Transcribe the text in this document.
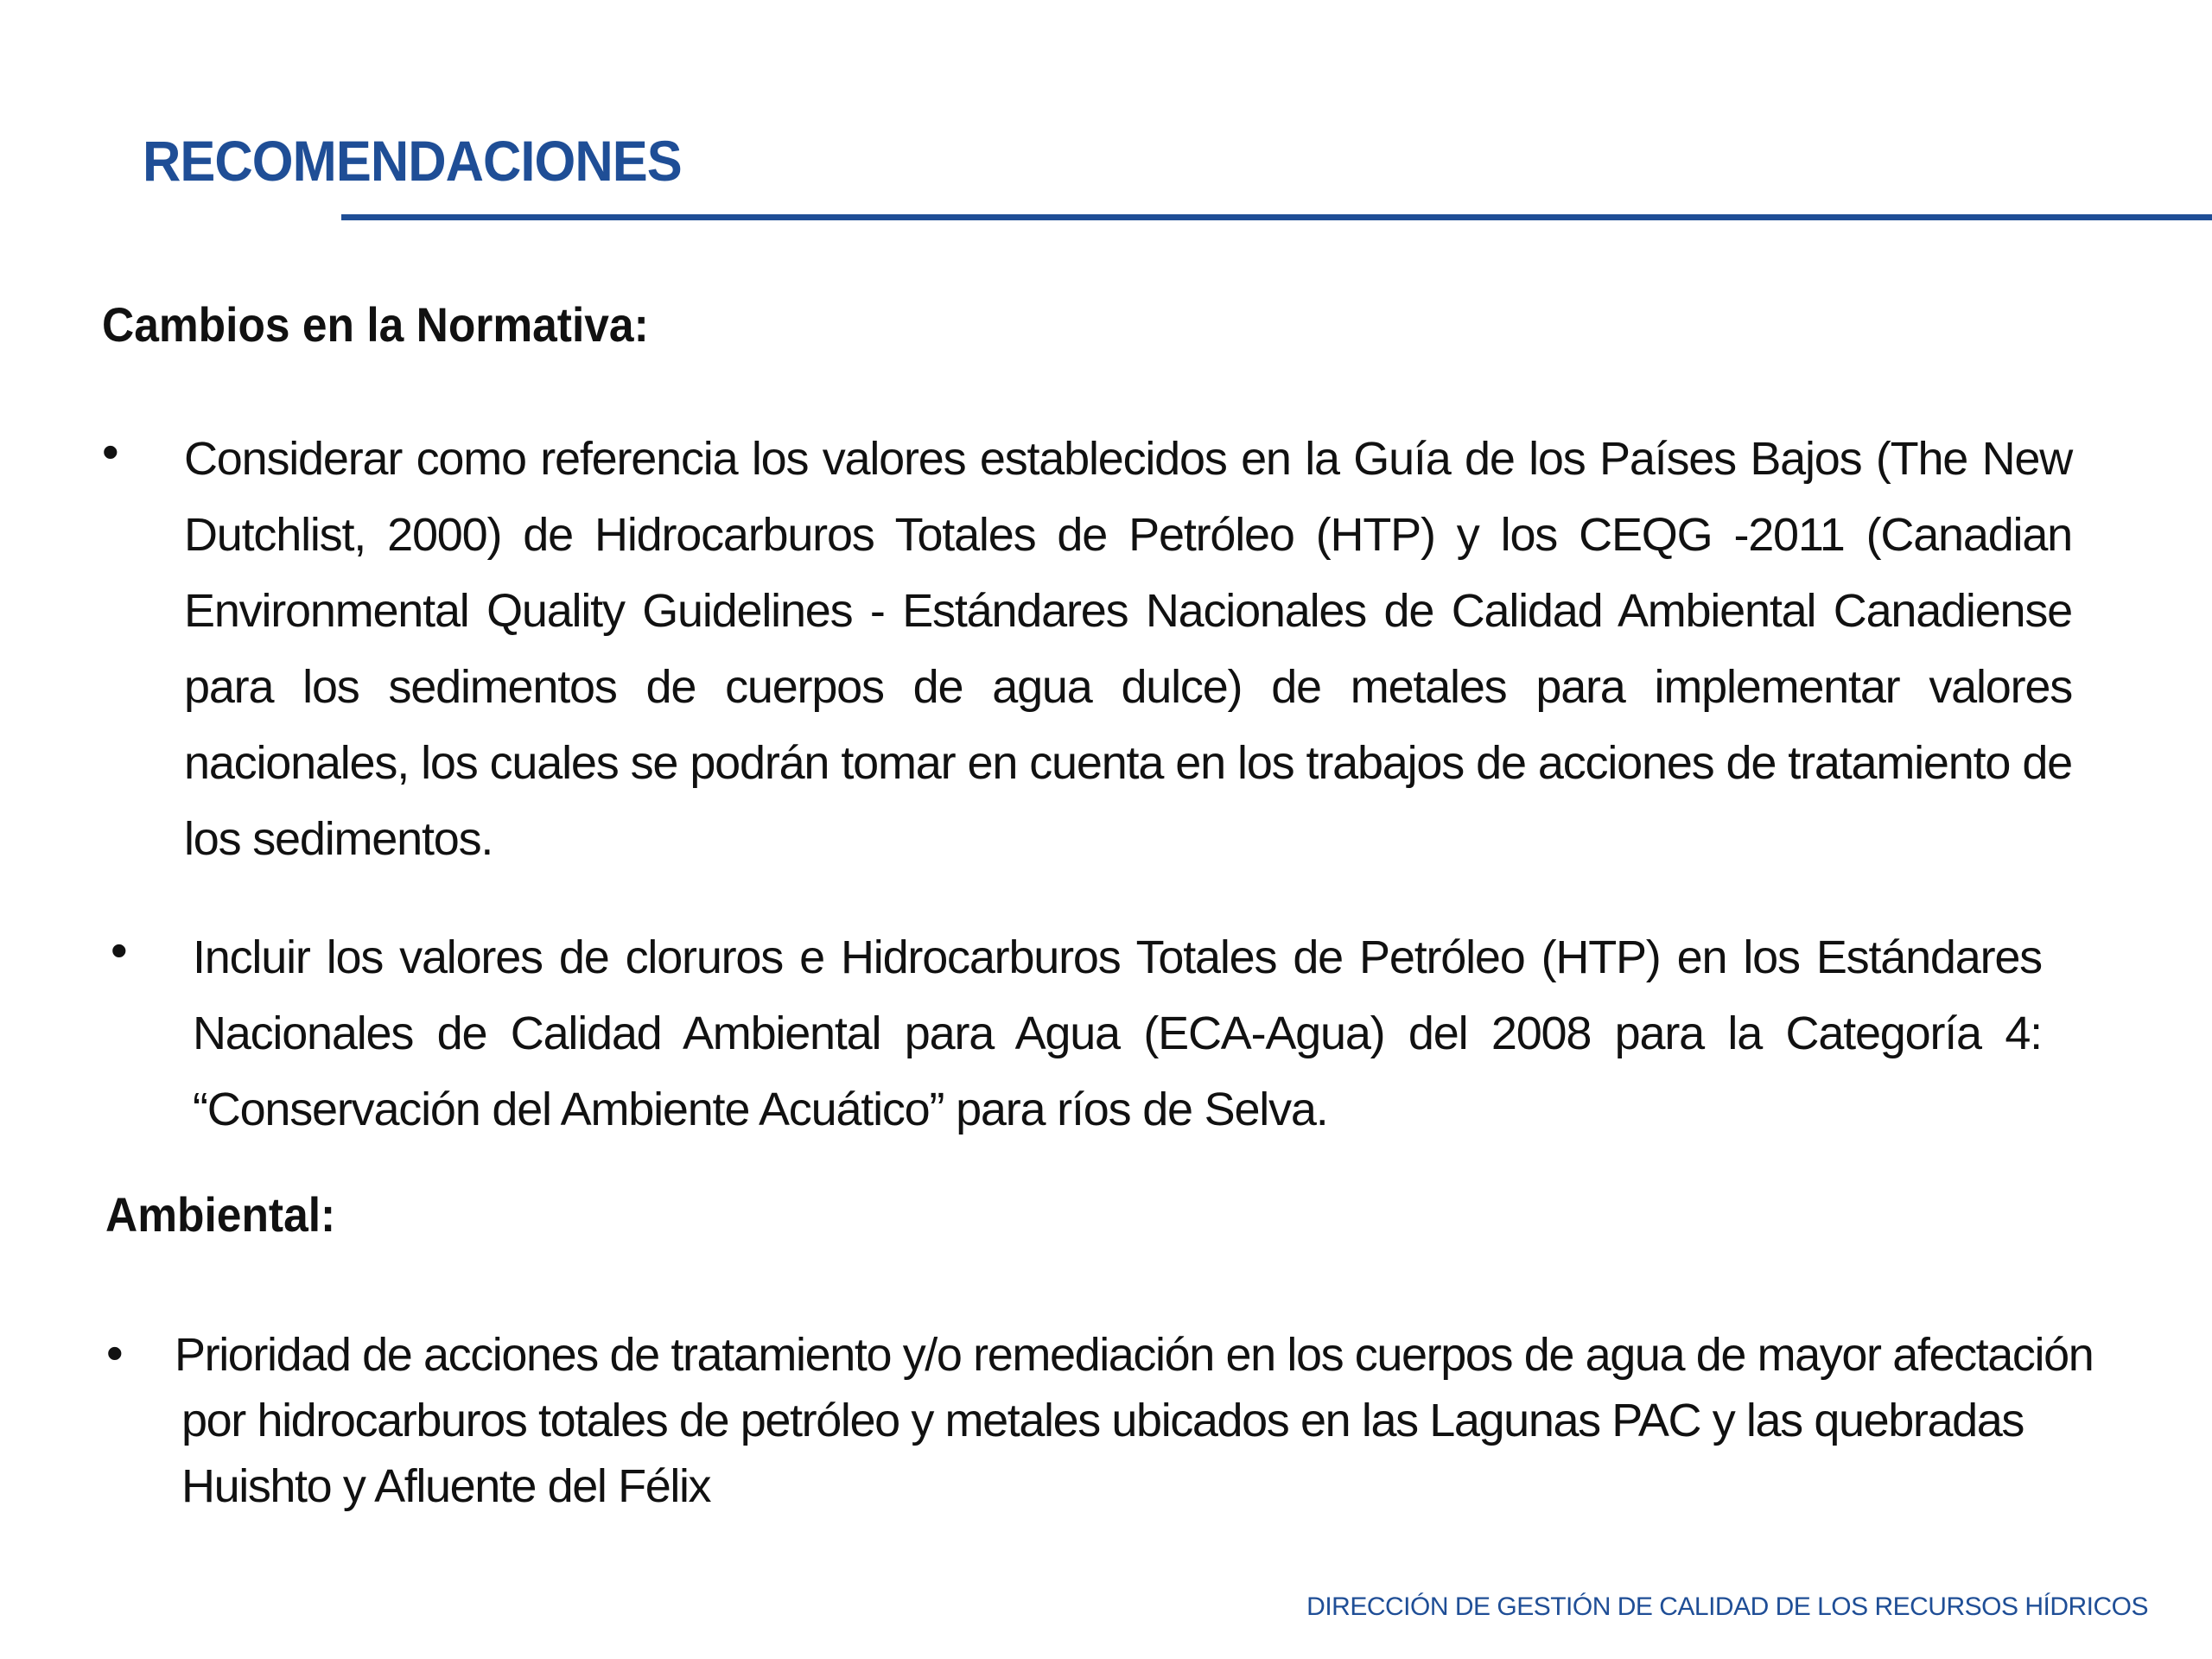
RECOMENDACIONES
Cambios en la Normativa:
• Considerar como referencia los valores establecidos en la Guía de los Países Bajos (The New Dutchlist, 2000) de Hidrocarburos Totales de Petróleo (HTP) y los CEQG -2011 (Canadian Environmental Quality Guidelines - Estándares Nacionales de Calidad Ambiental Canadiense para los sedimentos de cuerpos de agua dulce) de metales para implementar valores nacionales, los cuales se podrán tomar en cuenta en los trabajos de acciones de tratamiento de los sedimentos.

• Incluir los valores de cloruros e Hidrocarburos Totales de Petróleo (HTP) en los Estándares Nacionales de Calidad Ambiental para Agua (ECA-Agua) del 2008 para la Categoría 4: “Conservación del Ambiente Acuático” para ríos de Selva.

Ambiental:
• Prioridad de acciones de tratamiento y/o remediación en los cuerpos de agua de mayor afectación
por hidrocarburos totales de petróleo y metales ubicados en las Lagunas PAC y las quebradas
Huishto y Afluente del Félix

DIRECCIÓN DE GESTIÓN DE CALIDAD DE LOS RECURSOS HÍDRICOS
